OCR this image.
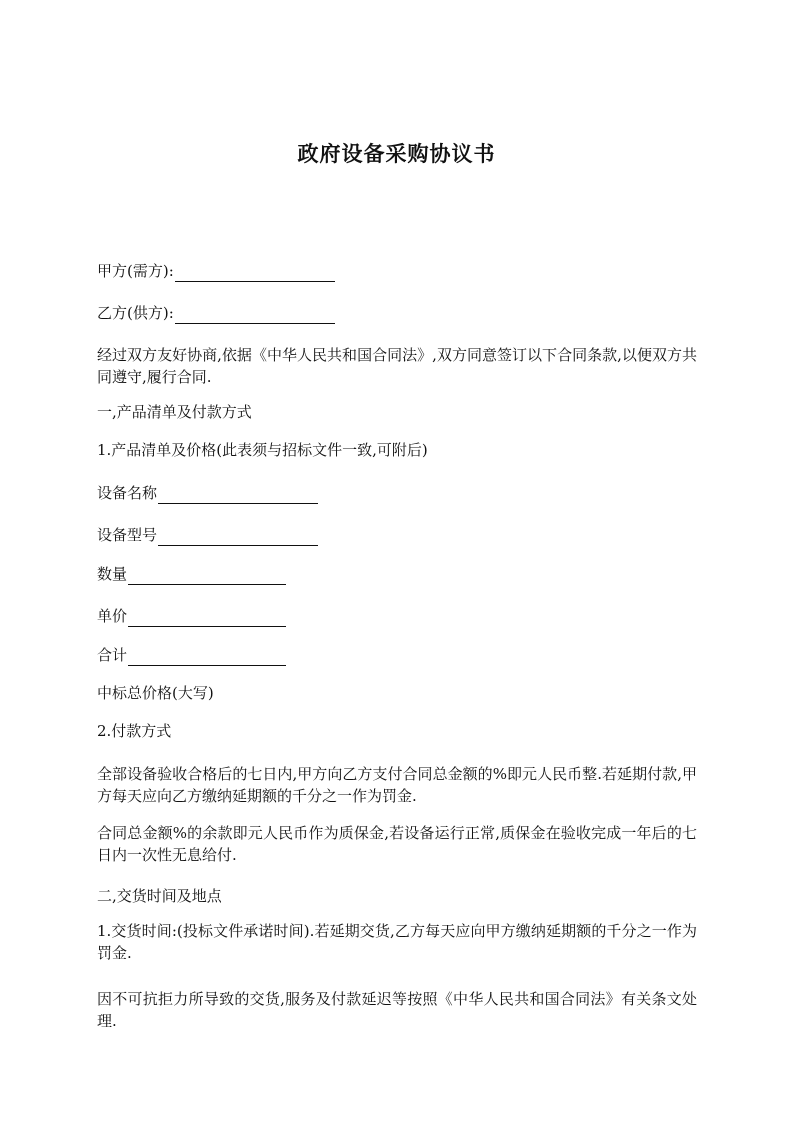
政府设备采购协议书
甲方(需方):
乙方(供方):
经过双方友好协商,依据《中华人民共和国合同法》,双方同意签订以下合同条款,以便双方共同遵守,履行合同.
一,产品清单及付款方式
1.产品清单及价格(此表须与招标文件一致,可附后)
设备名称
设备型号
数量
单价
合计
中标总价格(大写)
2.付款方式
全部设备验收合格后的七日内,甲方向乙方支付合同总金额的%即元人民币整.若延期付款,甲方每天应向乙方缴纳延期额的千分之一作为罚金.
合同总金额%的余款即元人民币作为质保金,若设备运行正常,质保金在验收完成一年后的七日内一次性无息给付.
二,交货时间及地点
1.交货时间:(投标文件承诺时间).若延期交货,乙方每天应向甲方缴纳延期额的千分之一作为罚金.
因不可抗拒力所导致的交货,服务及付款延迟等按照《中华人民共和国合同法》有关条文处理.
